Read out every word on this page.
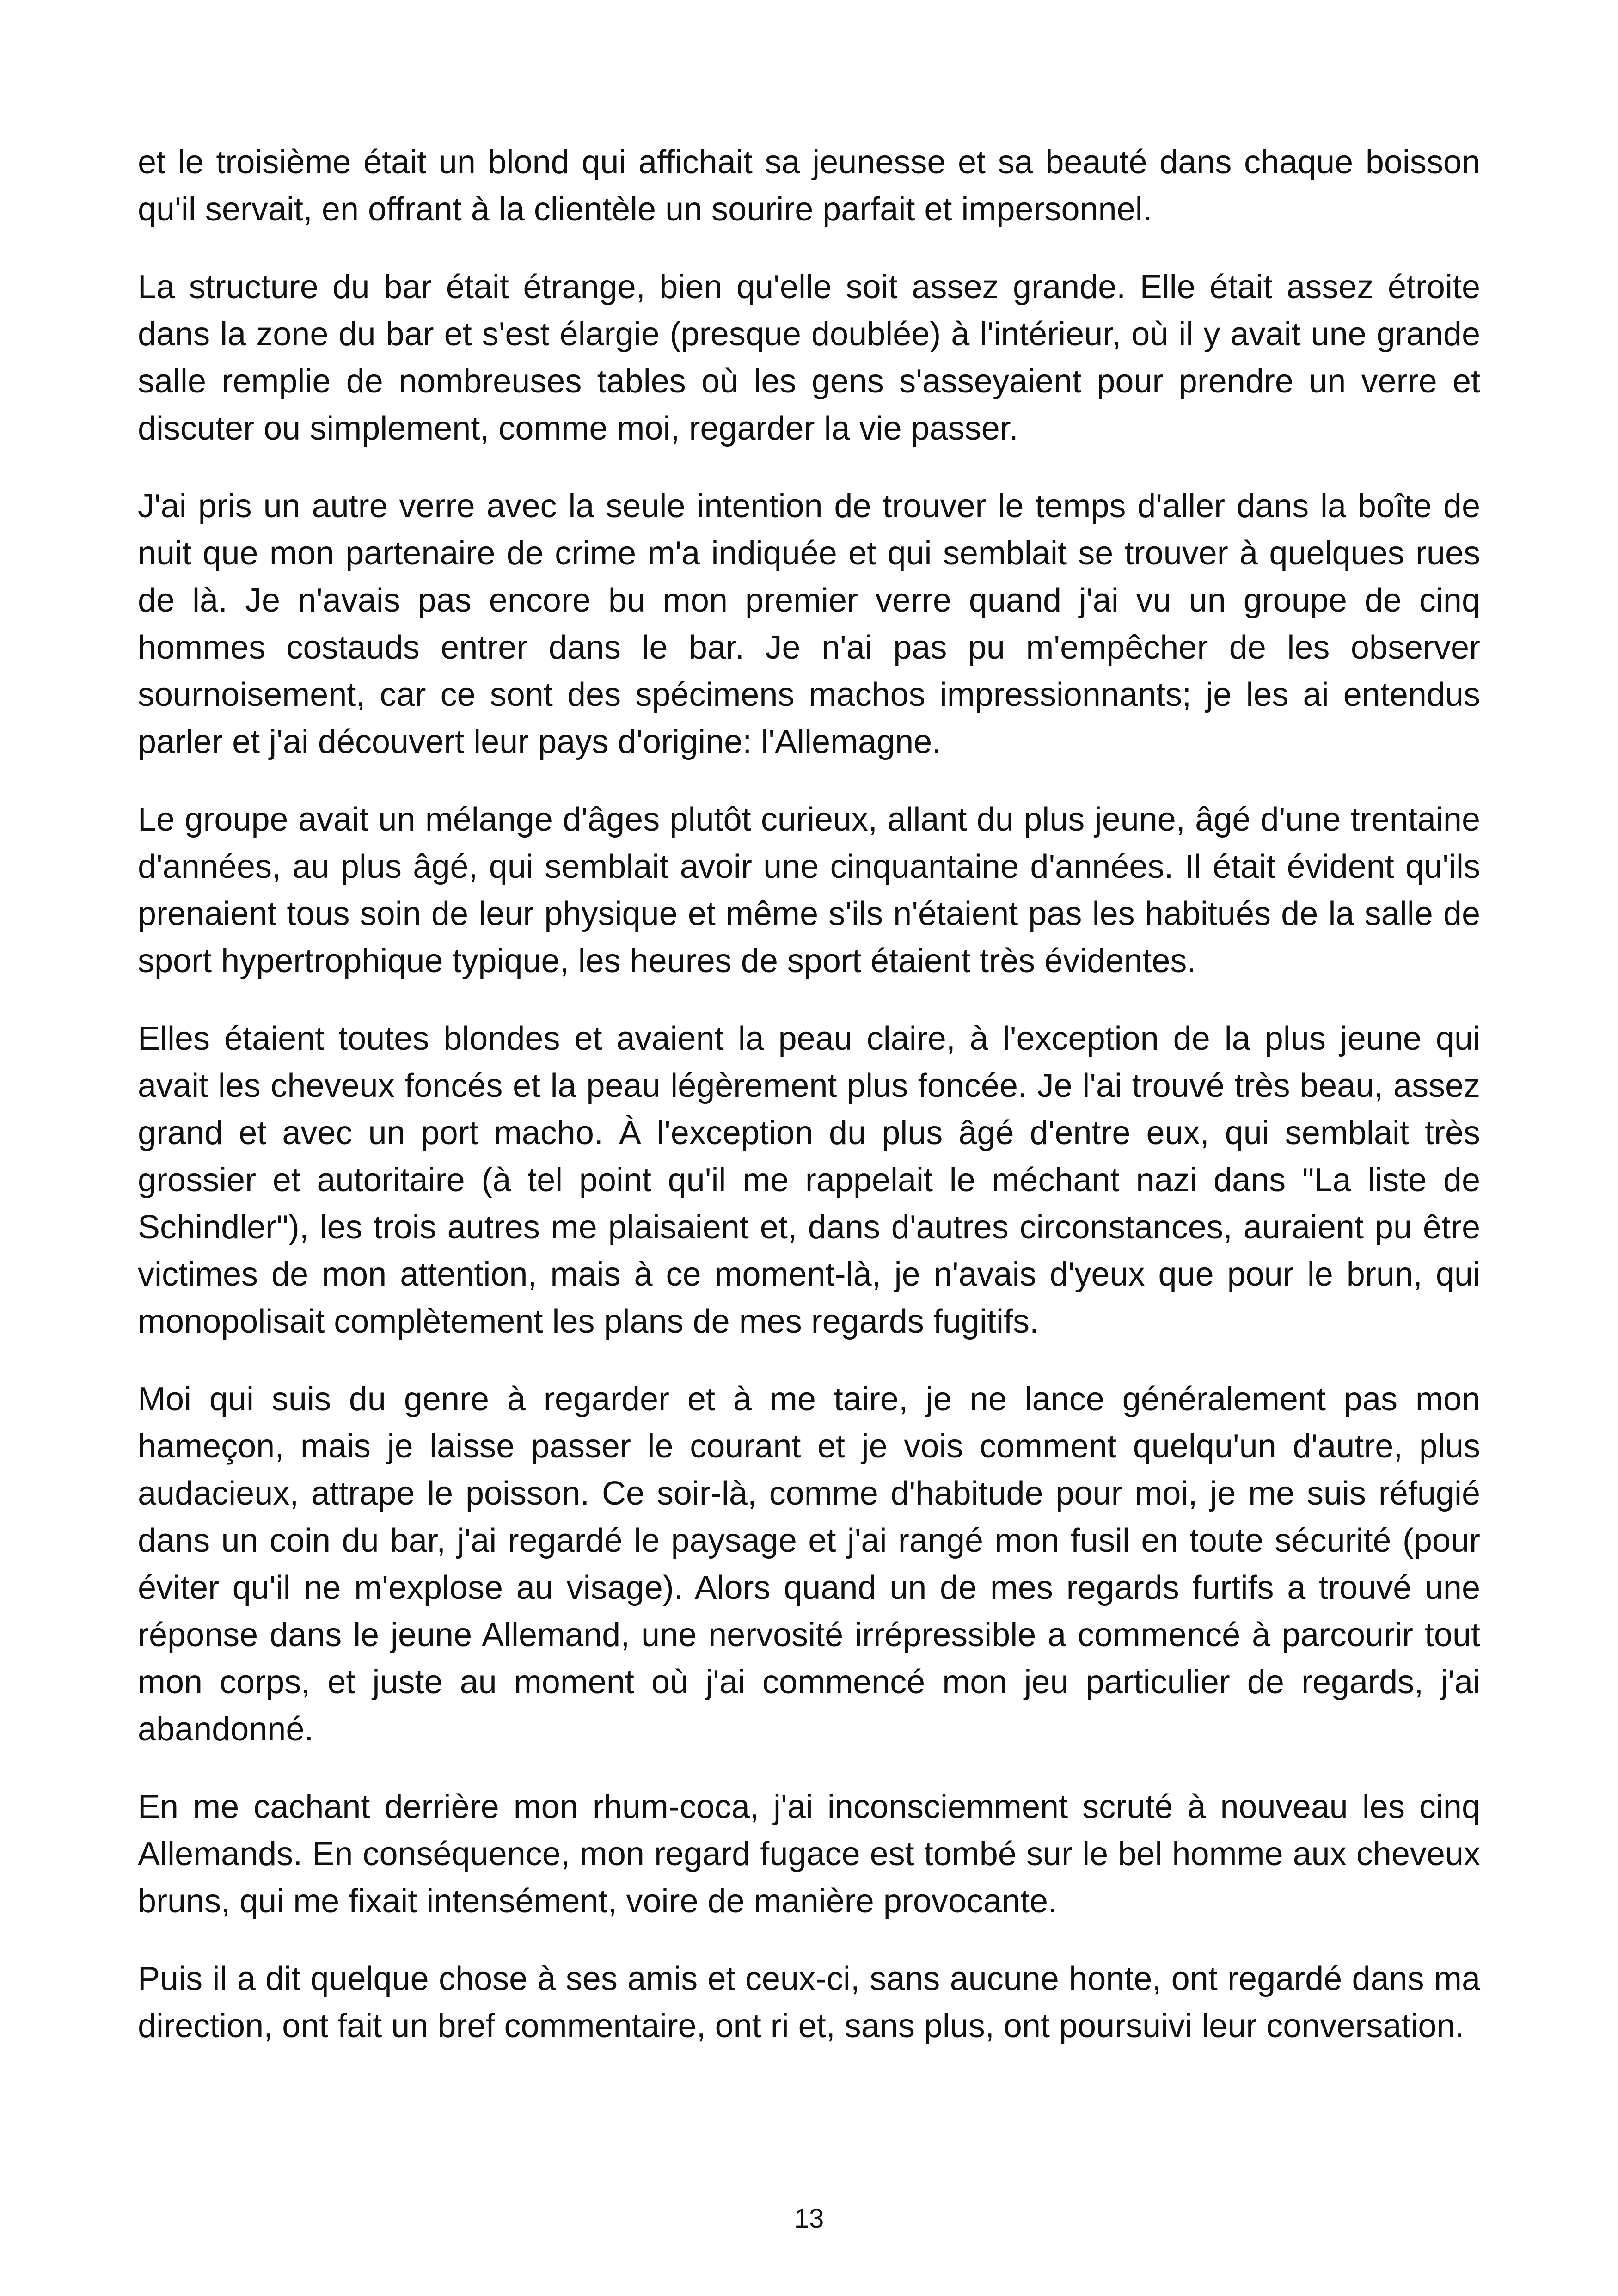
et le troisième était un blond qui affichait sa jeunesse et sa beauté dans chaque boisson qu'il servait, en offrant à la clientèle un sourire parfait et impersonnel.

La structure du bar était étrange, bien qu'elle soit assez grande. Elle était assez étroite dans la zone du bar et s'est élargie (presque doublée) à l'intérieur, où il y avait une grande salle remplie de nombreuses tables où les gens s'asseyaient pour prendre un verre et discuter ou simplement, comme moi, regarder la vie passer.

J'ai pris un autre verre avec la seule intention de trouver le temps d'aller dans la boîte de nuit que mon partenaire de crime m'a indiquée et qui semblait se trouver à quelques rues de là. Je n'avais pas encore bu mon premier verre quand j'ai vu un groupe de cinq hommes costauds entrer dans le bar. Je n'ai pas pu m'empêcher de les observer sournoisement, car ce sont des spécimens machos impressionnants; je les ai entendus parler et j'ai découvert leur pays d'origine: l'Allemagne.

Le groupe avait un mélange d'âges plutôt curieux, allant du plus jeune, âgé d'une trentaine d'années, au plus âgé, qui semblait avoir une cinquantaine d'années. Il était évident qu'ils prenaient tous soin de leur physique et même s'ils n'étaient pas les habitués de la salle de sport hypertrophique typique, les heures de sport étaient très évidentes.

Elles étaient toutes blondes et avaient la peau claire, à l'exception de la plus jeune qui avait les cheveux foncés et la peau légèrement plus foncée. Je l'ai trouvé très beau, assez grand et avec un port macho. À l'exception du plus âgé d'entre eux, qui semblait très grossier et autoritaire (à tel point qu'il me rappelait le méchant nazi dans "La liste de Schindler"), les trois autres me plaisaient et, dans d'autres circonstances, auraient pu être victimes de mon attention, mais à ce moment-là, je n'avais d'yeux que pour le brun, qui monopolisait complètement les plans de mes regards fugitifs.

Moi qui suis du genre à regarder et à me taire, je ne lance généralement pas mon hameçon, mais je laisse passer le courant et je vois comment quelqu'un d'autre, plus audacieux, attrape le poisson. Ce soir-là, comme d'habitude pour moi, je me suis réfugié dans un coin du bar, j'ai regardé le paysage et j'ai rangé mon fusil en toute sécurité (pour éviter qu'il ne m'explose au visage). Alors quand un de mes regards furtifs a trouvé une réponse dans le jeune Allemand, une nervosité irrépressible a commencé à parcourir tout mon corps, et juste au moment où j'ai commencé mon jeu particulier de regards, j'ai abandonné.

En me cachant derrière mon rhum-coca, j'ai inconsciemment scruté à nouveau les cinq Allemands. En conséquence, mon regard fugace est tombé sur le bel homme aux cheveux bruns, qui me fixait intensément, voire de manière provocante.

Puis il a dit quelque chose à ses amis et ceux-ci, sans aucune honte, ont regardé dans ma direction, ont fait un bref commentaire, ont ri et, sans plus, ont poursuivi leur conversation.

13
